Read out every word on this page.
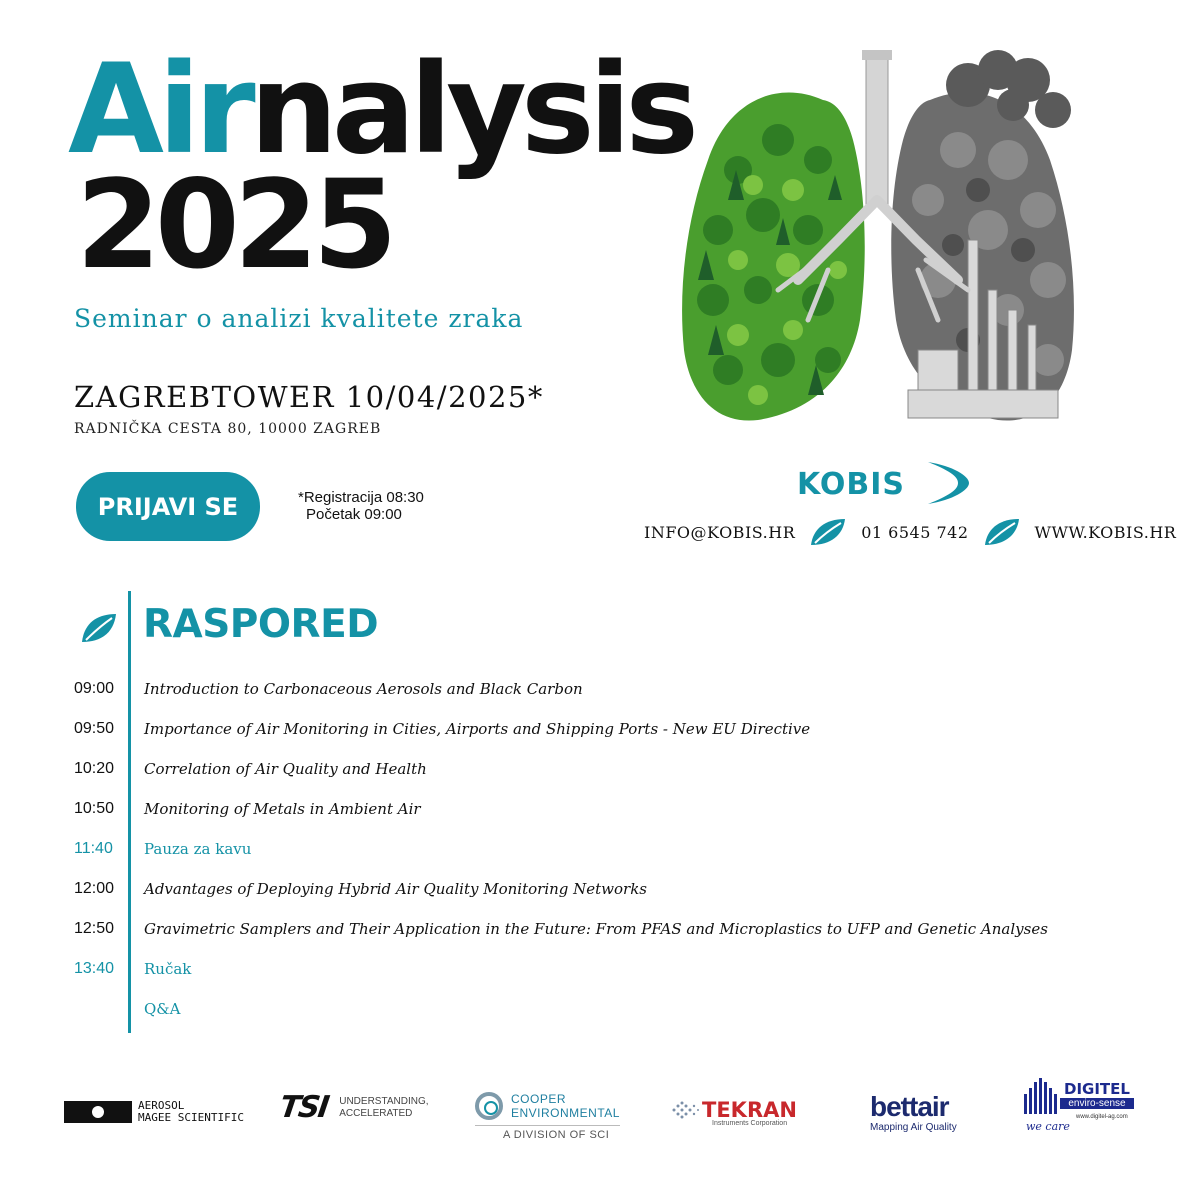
Airnalysis
2025
Seminar o analizi kvalitete zraka
ZAGREBTOWER 10/04/2025*
RADNIČKA CESTA 80, 10000 ZAGREB
PRIJAVI SE	*Registracija 08:30
Početak 09:00
KOBIS
INFO@KOBIS.HR	01 6545 742	WWW.KOBIS.HR
RASPORED
09:00 Introduction to Carbonaceous Aerosols and Black Carbon
09:50 Importance of Air Monitoring in Cities, Airports and Shipping Ports - New EU Directive
10:20 Correlation of Air Quality and Health
10:50 Monitoring of Metals in Ambient Air
11:40 Pauza za kavu
12:00 Advantages of Deploying Hybrid Air Quality Monitoring Networks
12:50 Gravimetric Samplers and Their Application in the Future: From PFAS and Microplastics to UFP and Genetic Analyses
13:40 Ručak
Q&A
AEROSOL
MAGEE SCIENTIFIC TSI UNDERSTANDING,
ACCELERATED
COOPER
ENVIRONMENTAL
A DIVISION OF SCI
TEKRAN
Instruments Corporation
bettair
Mapping Air Quality
DIGITEL
enviro-sense
we care
www.digitel-ag.com
